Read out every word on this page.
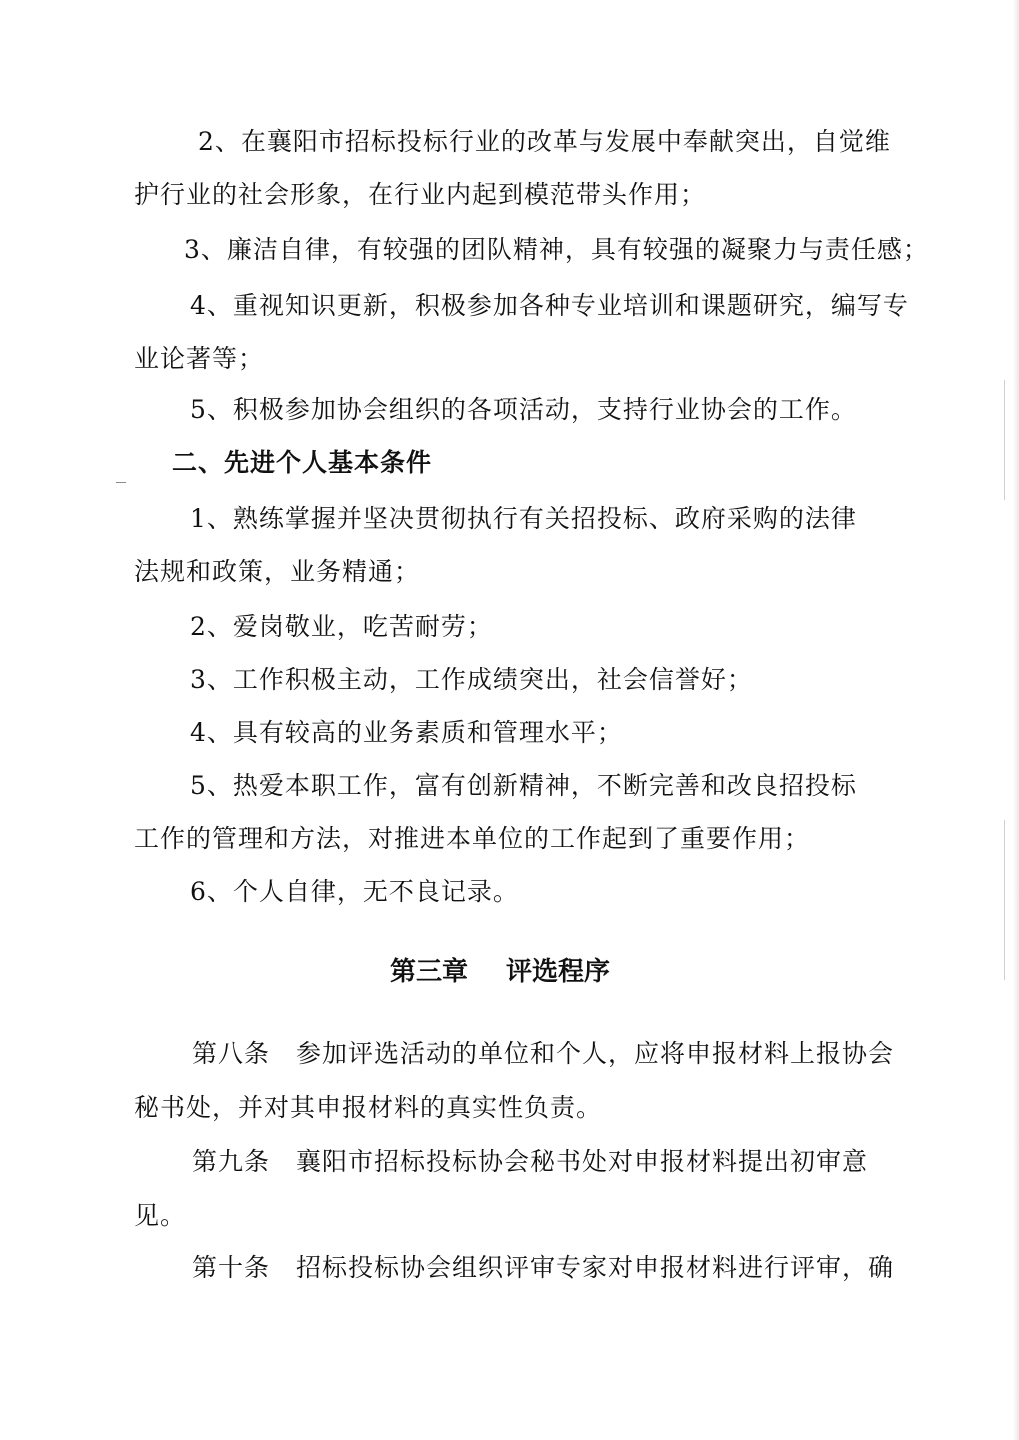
2、在襄阳市招标投标行业的改革与发展中奉献突出，自觉维
护行业的社会形象，在行业内起到模范带头作用；
3、廉洁自律，有较强的团队精神，具有较强的凝聚力与责任感；
4、重视知识更新，积极参加各种专业培训和课题研究，编写专
业论著等；
5、积极参加协会组织的各项活动，支持行业协会的工作。
二、先进个人基本条件
1、熟练掌握并坚决贯彻执行有关招投标、政府采购的法律
法规和政策，业务精通；
2、爱岗敬业，吃苦耐劳；
3、工作积极主动，工作成绩突出，社会信誉好；
4、具有较高的业务素质和管理水平；
5、热爱本职工作，富有创新精神，不断完善和改良招投标
工作的管理和方法，对推进本单位的工作起到了重要作用；
6、个人自律，无不良记录。
第三章 评选程序
第八条　参加评选活动的单位和个人，应将申报材料上报协会
秘书处，并对其申报材料的真实性负责。
第九条　襄阳市招标投标协会秘书处对申报材料提出初审意
见。
第十条　招标投标协会组织评审专家对申报材料进行评审，确
